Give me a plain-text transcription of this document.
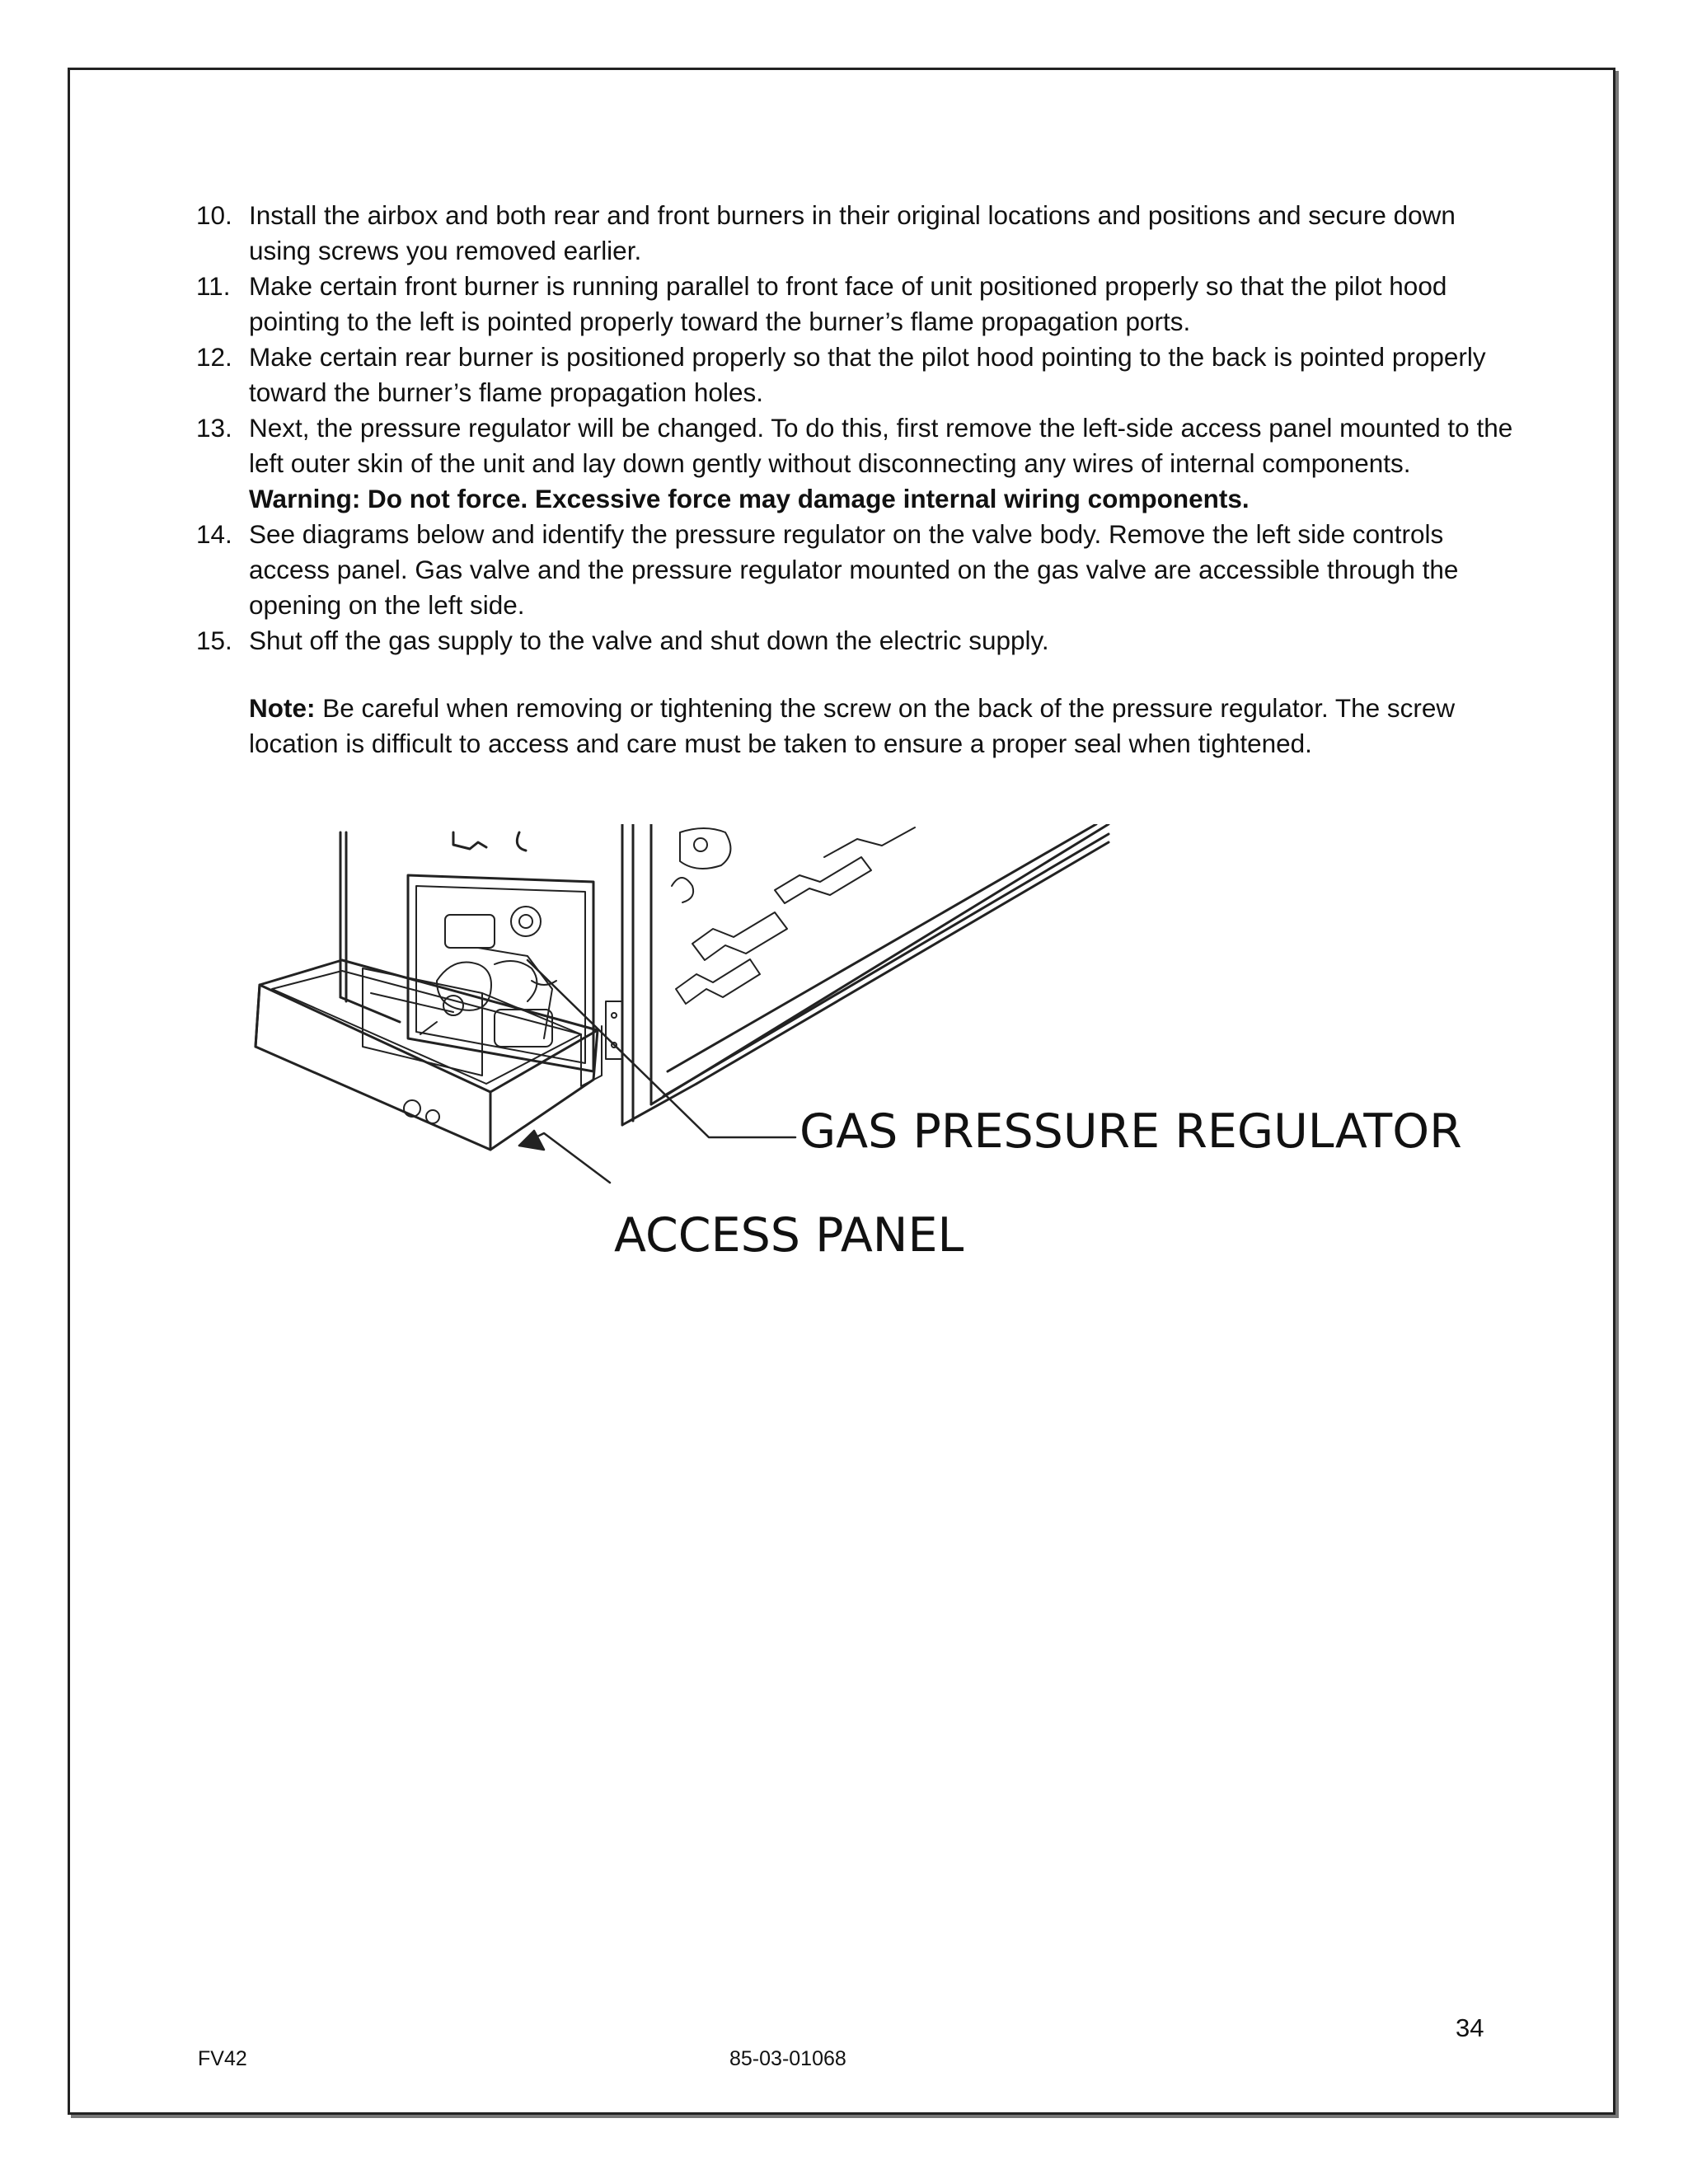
10. Install the airbox and both rear and front burners in their original locations and positions and secure down using screws you removed earlier.
11. Make certain front burner is running parallel to front face of unit positioned properly so that the pilot hood pointing to the left is pointed properly toward the burner’s flame propagation ports.
12. Make certain rear burner is positioned properly so that the pilot hood pointing to the back is pointed properly toward the burner’s flame propagation holes.
13. Next, the pressure regulator will be changed. To do this, first remove the left-side access panel mounted to the left outer skin of the unit and lay down gently without disconnecting any wires of internal components. Warning: Do not force. Excessive force may damage internal wiring components.
14. See diagrams below and identify the pressure regulator on the valve body. Remove the left side controls access panel. Gas valve and the pressure regulator mounted on the gas valve are accessible through the opening on the left side.
15. Shut off the gas supply to the valve and shut down the electric supply.

Note: Be careful when removing or tightening the screw on the back of the pressure regulator. The screw location is difficult to access and care must be taken to ensure a proper seal when tightened.

GAS PRESSURE REGULATOR
ACCESS PANEL
34
FV42	85-03-01068
